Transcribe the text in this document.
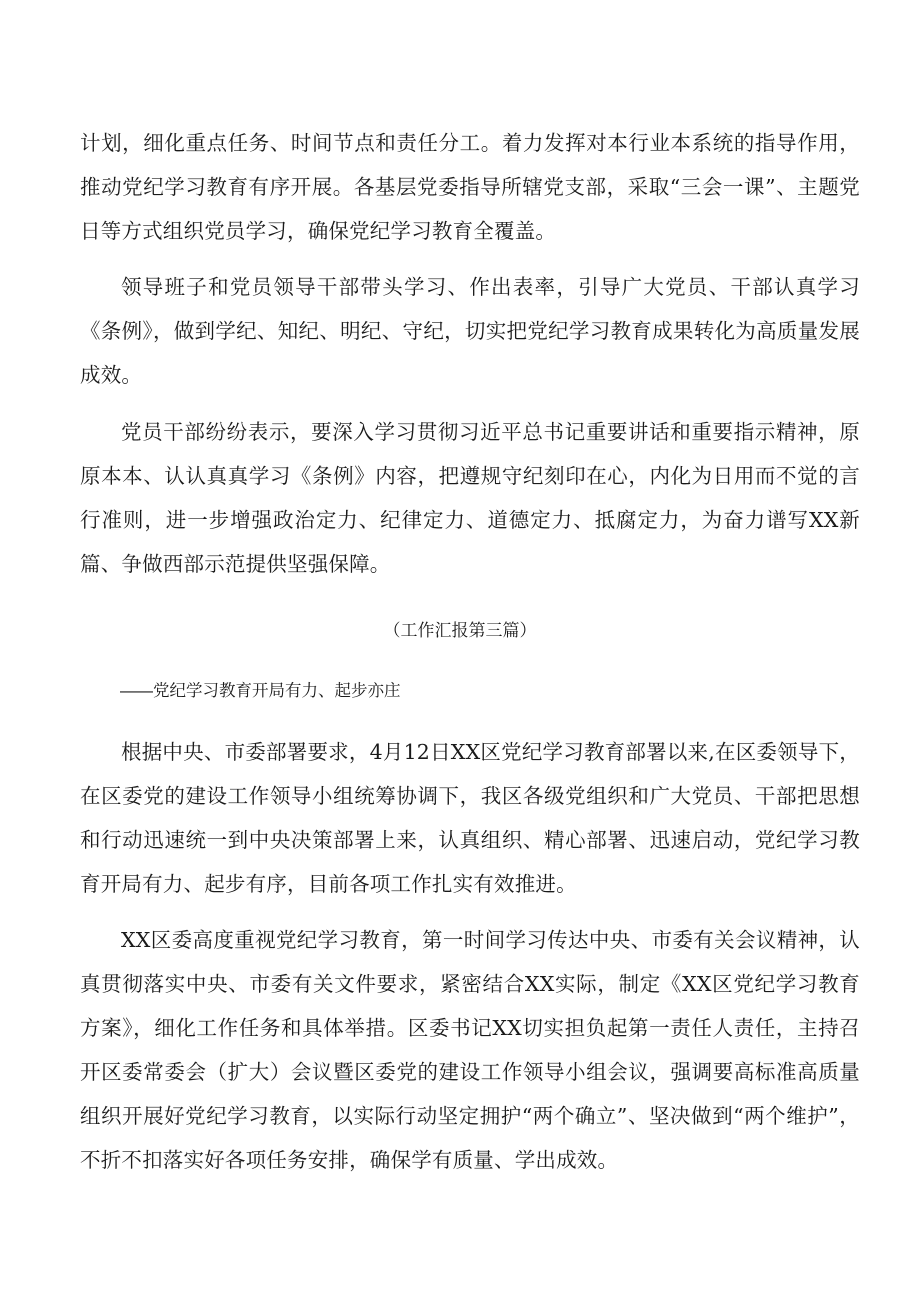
计划，细化重点任务、时间节点和责任分工。着力发挥对本行业本系统的指导作用，推动党纪学习教育有序开展。各基层党委指导所辖党支部，采取“三会一课”、主题党日等方式组织党员学习，确保党纪学习教育全覆盖。

领导班子和党员领导干部带头学习、作出表率，引导广大党员、干部认真学习《条例》，做到学纪、知纪、明纪、守纪，切实把党纪学习教育成果转化为高质量发展成效。

党员干部纷纷表示，要深入学习贯彻习近平总书记重要讲话和重要指示精神，原原本本、认认真真学习《条例》内容，把遵规守纪刻印在心，内化为日用而不觉的言行准则，进一步增强政治定力、纪律定力、道德定力、抵腐定力，为奋力谱写XX新篇、争做西部示范提供坚强保障。

（工作汇报第三篇）

——党纪学习教育开局有力、起步亦庄

根据中央、市委部署要求，4月12日XX区党纪学习教育部署以来,在区委领导下，在区委党的建设工作领导小组统筹协调下，我区各级党组织和广大党员、干部把思想和行动迅速统一到中央决策部署上来，认真组织、精心部署、迅速启动，党纪学习教育开局有力、起步有序，目前各项工作扎实有效推进。

XX区委高度重视党纪学习教育，第一时间学习传达中央、市委有关会议精神，认真贯彻落实中央、市委有关文件要求，紧密结合XX实际，制定《XX区党纪学习教育方案》，细化工作任务和具体举措。区委书记XX切实担负起第一责任人责任，主持召开区委常委会（扩大）会议暨区委党的建设工作领导小组会议，强调要高标准高质量组织开展好党纪学习教育，以实际行动坚定拥护“两个确立”、坚决做到“两个维护”，不折不扣落实好各项任务安排，确保学有质量、学出成效。
